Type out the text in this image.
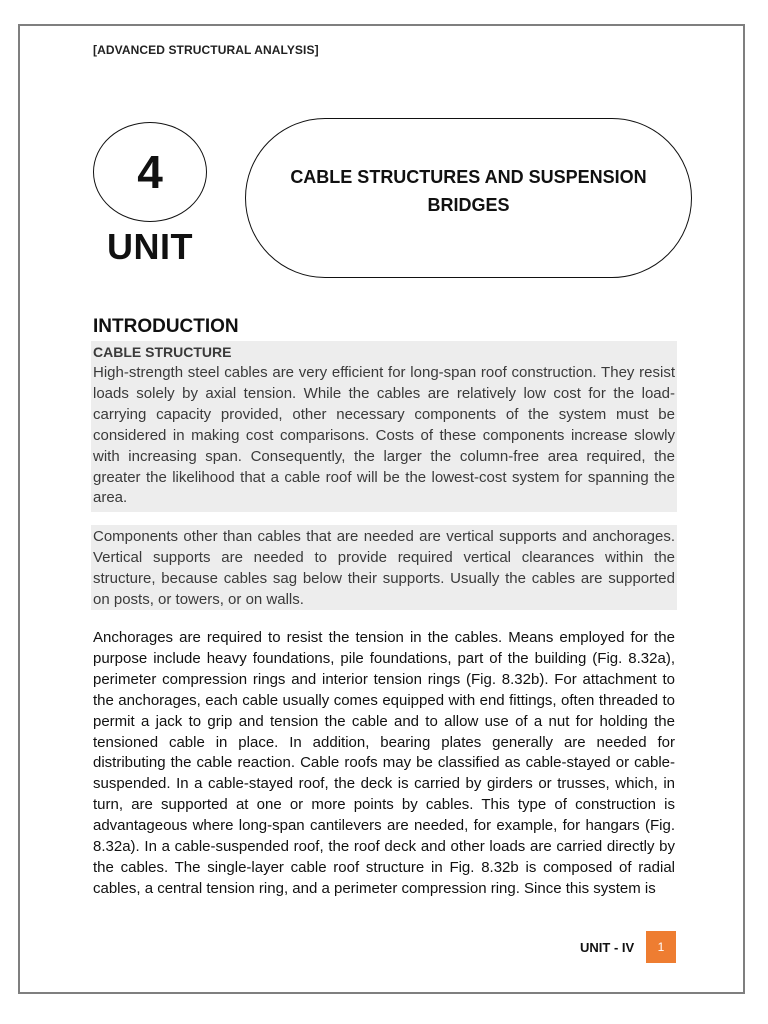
[ADVANCED STRUCTURAL ANALYSIS]
4
UNIT
CABLE STRUCTURES AND SUSPENSION BRIDGES
INTRODUCTION
CABLE STRUCTURE

High-strength steel cables are very efficient for long-span roof construction. They resist loads solely by axial tension. While the cables are relatively low cost for the load-carrying capacity provided, other necessary components of the system must be considered in making cost comparisons. Costs of these components increase slowly with increasing span. Consequently, the larger the column-free area required, the greater the likelihood that a cable roof will be the lowest-cost system for spanning the area.

Components other than cables that are needed are vertical supports and anchorages. Vertical supports are needed to provide required vertical clearances within the structure, because cables sag below their supports. Usually the cables are supported on posts, or towers, or on walls.

Anchorages are required to resist the tension in the cables. Means employed for the purpose include heavy foundations, pile foundations, part of the building (Fig. 8.32a), perimeter compression rings and interior tension rings (Fig. 8.32b). For attachment to the anchorages, each cable usually comes equipped with end fittings, often threaded to permit a jack to grip and tension the cable and to allow use of a nut for holding the tensioned cable in place. In addition, bearing plates generally are needed for distributing the cable reaction. Cable roofs may be classified as cable-stayed or cable-suspended. In a cable-stayed roof, the deck is carried by girders or trusses, which, in turn, are supported at one or more points by cables. This type of construction is advantageous where long-span cantilevers are needed, for example, for hangars (Fig. 8.32a). In a cable-suspended roof, the roof deck and other loads are carried directly by the cables. The single-layer cable roof structure in Fig. 8.32b is composed of radial cables, a central tension ring, and a perimeter compression ring. Since this system is

UNIT - IV	1
